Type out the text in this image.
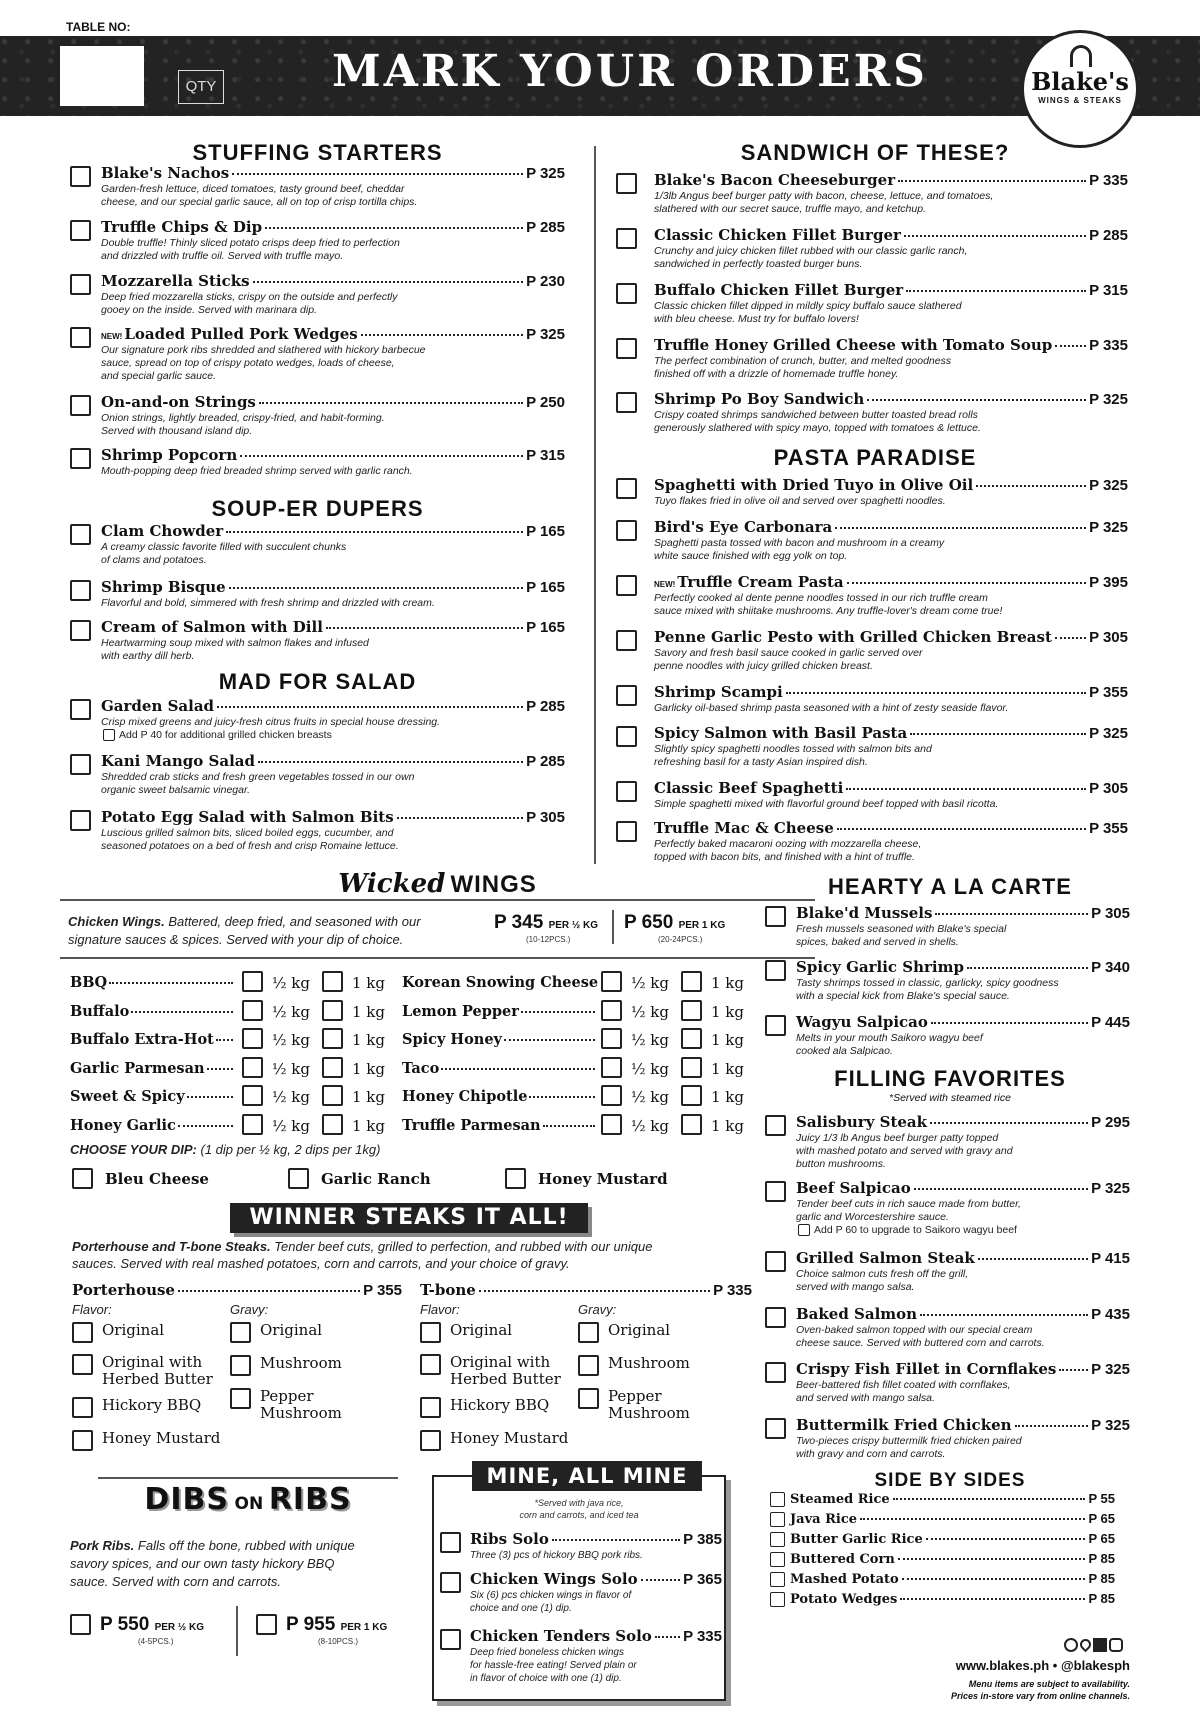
TABLE NO:
QTY	MARK YOUR ORDERS	Blake's
WINGS & STEAKS
STUFFING STARTERS
SOUP-ER DUPERS
MAD FOR SALAD
SANDWICH OF THESE?
PASTA PARADISE
Wicked WINGS
Chicken Wings. Battered, deep fried, and seasoned with our
signature sauces & spices. Served with your dip of choice.
P 345 PER ½ KG
(10-12PCS.)
P 650 PER 1 KG
(20-24PCS.)
CHOOSE YOUR DIP: (1 dip per ½ kg, 2 dips per 1kg)
WINNER STEAKS IT ALL!
Porterhouse and T-bone Steaks. Tender beef cuts, grilled to perfection, and rubbed with our unique
sauces. Served with real mashed potatoes, corn and carrots, and your choice of gravy.
DIBS ON RIBS
Pork Ribs. Falls off the bone, rubbed with unique
savory spices, and our own tasty hickory BBQ
sauce. Served with corn and carrots.
P 550 PER ½ KG
(4-5PCS.)
P 955 PER 1 KG
(8-10PCS.)
MINE, ALL MINE
*Served with java rice,
corn and carrots, and iced tea
HEARTY A LA CARTE
FILLING FAVORITES
*Served with steamed rice
SIDE BY SIDES
www.blakes.ph • @blakesph
Menu items are subject to availability.
Prices in-store vary from online channels.
Blake's Nachos	P 325
Garden-fresh lettuce, diced tomatoes, tasty ground beef, cheddar
cheese, and our special garlic sauce, all on top of crisp tortilla chips.
Truffle Chips & Dip	P 285
Double truffle! Thinly sliced potato crisps deep fried to perfection
and drizzled with truffle oil. Served with truffle mayo.
Mozzarella Sticks	P 230
Deep fried mozzarella sticks, crispy on the outside and perfectly
gooey on the inside. Served with marinara dip.
NEW! Loaded Pulled Pork Wedges	P 325
Our signature pork ribs shredded and slathered with hickory barbecue
sauce, spread on top of crispy potato wedges, loads of cheese,
and special garlic sauce.
On-and-on Strings	P 250
Onion strings, lightly breaded, crispy-fried, and habit-forming.
Served with thousand island dip.
Shrimp Popcorn	P 315
Mouth-popping deep fried breaded shrimp served with garlic ranch.
Clam Chowder	P 165
A creamy classic favorite filled with succulent chunks
of clams and potatoes.
Shrimp Bisque	P 165
Flavorful and bold, simmered with fresh shrimp and drizzled with cream.
Cream of Salmon with Dill	P 165
Heartwarming soup mixed with salmon flakes and infused
with earthy dill herb.
Garden Salad	P 285
Crisp mixed greens and juicy-fresh citrus fruits in special house dressing.
Add P 40 for additional grilled chicken breasts
Kani Mango Salad	P 285
Shredded crab sticks and fresh green vegetables tossed in our own
organic sweet balsamic vinegar.
Potato Egg Salad with Salmon Bits	P 305
Luscious grilled salmon bits, sliced boiled eggs, cucumber, and
seasoned potatoes on a bed of fresh and crisp Romaine lettuce.
Blake's Bacon Cheeseburger	P 335
1/3lb Angus beef burger patty with bacon, cheese, lettuce, and tomatoes,
slathered with our secret sauce, truffle mayo, and ketchup.
Classic Chicken Fillet Burger	P 285
Crunchy and juicy chicken fillet rubbed with our classic garlic ranch,
sandwiched in perfectly toasted burger buns.
Buffalo Chicken Fillet Burger	P 315
Classic chicken fillet dipped in mildly spicy buffalo sauce slathered
with bleu cheese. Must try for buffalo lovers!
Truffle Honey Grilled Cheese with Tomato Soup P 335
The perfect combination of crunch, butter, and melted goodness
finished off with a drizzle of homemade truffle honey.
Shrimp Po Boy Sandwich	P 325
Crispy coated shrimps sandwiched between butter toasted bread rolls
generously slathered with spicy mayo, topped with tomatoes & lettuce.
Spaghetti with Dried Tuyo in Olive Oil	P 325
Tuyo flakes fried in olive oil and served over spaghetti noodles.
Bird's Eye Carbonara	P 325
Spaghetti pasta tossed with bacon and mushroom in a creamy
white sauce finished with egg yolk on top.
NEW! Truffle Cream Pasta	P 395
Perfectly cooked al dente penne noodles tossed in our rich truffle cream
sauce mixed with shiitake mushrooms. Any truffle-lover's dream come true!
Penne Garlic Pesto with Grilled Chicken Breast P 305
Savory and fresh basil sauce cooked in garlic served over
penne noodles with juicy grilled chicken breast.
Shrimp Scampi	P 355
Garlicky oil-based shrimp pasta seasoned with a hint of zesty seaside flavor.
Spicy Salmon with Basil Pasta	P 325
Slightly spicy spaghetti noodles tossed with salmon bits and
refreshing basil for a tasty Asian inspired dish.
Classic Beef Spaghetti	P 305
Simple spaghetti mixed with flavorful ground beef topped with basil ricotta.
Truffle Mac & Cheese	P 355
Perfectly baked macaroni oozing with mozzarella cheese,
topped with bacon bits, and finished with a hint of truffle.
Blake'd Mussels	P 305
Fresh mussels seasoned with Blake's special
spices, baked and served in shells.
Spicy Garlic Shrimp	P 340
Tasty shrimps tossed in classic, garlicky, spicy goodness
with a special kick from Blake's special sauce.
Wagyu Salpicao	P 445
Melts in your mouth Saikoro wagyu beef
cooked ala Salpicao.
Salisbury Steak	P 295
Juicy 1/3 lb Angus beef burger patty topped
with mashed potato and served with gravy and
button mushrooms.
Beef Salpicao	P 325
Tender beef cuts in rich sauce made from butter,
garlic and Worcestershire sauce.
Add P 60 to upgrade to Saikoro wagyu beef
Grilled Salmon Steak	P 415
Choice salmon cuts fresh off the grill,
served with mango salsa.
Baked Salmon	P 435
Oven-baked salmon topped with our special cream
cheese sauce. Served with buttered corn and carrots.
Crispy Fish Fillet in Cornflakes P 325
Beer-battered fish fillet coated with cornflakes,
and served with mango salsa.
Buttermilk Fried Chicken	P 325
Two-pieces crispy buttermilk fried chicken paired
with gravy and corn and carrots.
Steamed Rice	P 55
Java Rice	P 65
Butter Garlic Rice	P 65
Buttered Corn	P 85
Mashed Potato	P 85
Potato Wedges	P 85
BBQ	½ kg	1 kg Korean Snowing Cheese ½ kg	1 kg
Buffalo	½ kg	1 kg Lemon Pepper	½ kg	1 kg
Buffalo Extra-Hot	½ kg	1 kg Spicy Honey	½ kg	1 kg
Garlic Parmesan	½ kg	1 kg Taco	½ kg	1 kg
Sweet & Spicy	½ kg	1 kg Honey Chipotle	½ kg	1 kg
Honey Garlic	½ kg	1 kg Truffle Parmesan	½ kg	1 kg
Bleu Cheese	Garlic Ranch	Honey Mustard
Porterhouse	P 355
Flavor:	Gravy:
Original
Original with Herbed Butter
Hickory BBQ
Honey Mustard
Original
Mushroom
Pepper Mushroom
T-bone	P 335
Flavor:	Gravy:
Original
Original with Herbed Butter
Hickory BBQ
Honey Mustard
Original
Mushroom
Pepper Mushroom
Ribs Solo	P 385
Three (3) pcs of hickory BBQ pork ribs.
Chicken Wings Solo	P 365
Six (6) pcs chicken wings in flavor of
choice and one (1) dip.
Chicken Tenders Solo P 335
Deep fried boneless chicken wings
for hassle-free eating! Served plain or
in flavor of choice with one (1) dip.
